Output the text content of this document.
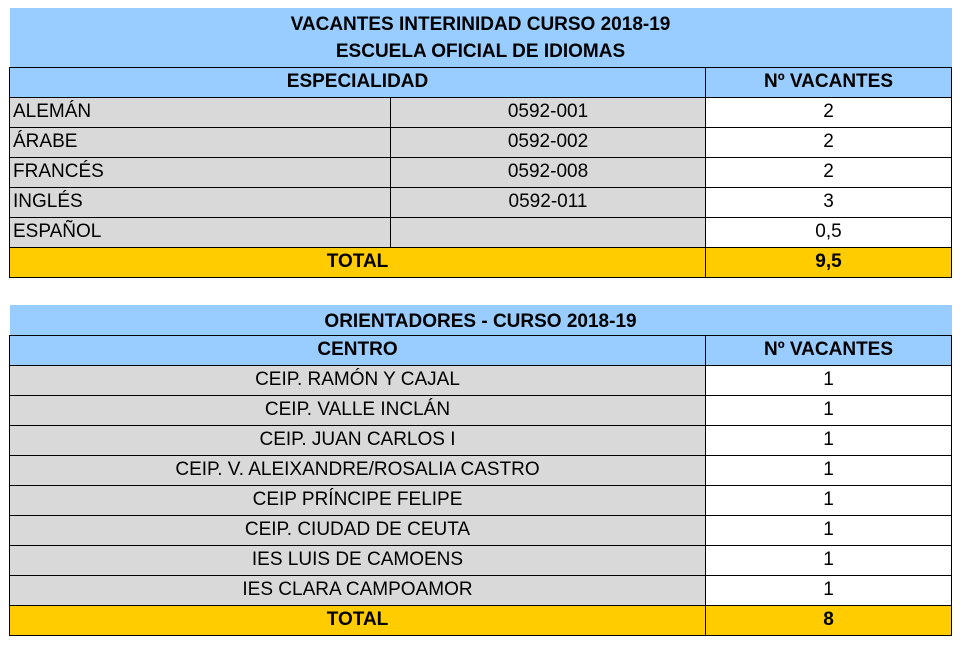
VACANTES INTERINIDAD CURSO 2018-19		
ESCUELA OFICIAL DE IDIOMAS		
ESPECIALIDAD		Nº VACANTES
ALEMÁN	0592-001	2
ÁRABE	0592-002	2
FRANCÉS	0592-008	2
INGLÉS	0592-011	3
ESPAÑOL		0,5
TOTAL		9,5
ORIENTADORES - CURSO 2018-19	
CENTRO	Nº VACANTES
CEIP. RAMÓN Y CAJAL	1
CEIP. VALLE INCLÁN	1
CEIP. JUAN CARLOS I	1
CEIP. V. ALEIXANDRE/ROSALIA CASTRO	1
CEIP PRÍNCIPE FELIPE	1
CEIP. CIUDAD DE CEUTA	1
IES LUIS DE CAMOENS	1
IES CLARA CAMPOAMOR	1
TOTAL	8
